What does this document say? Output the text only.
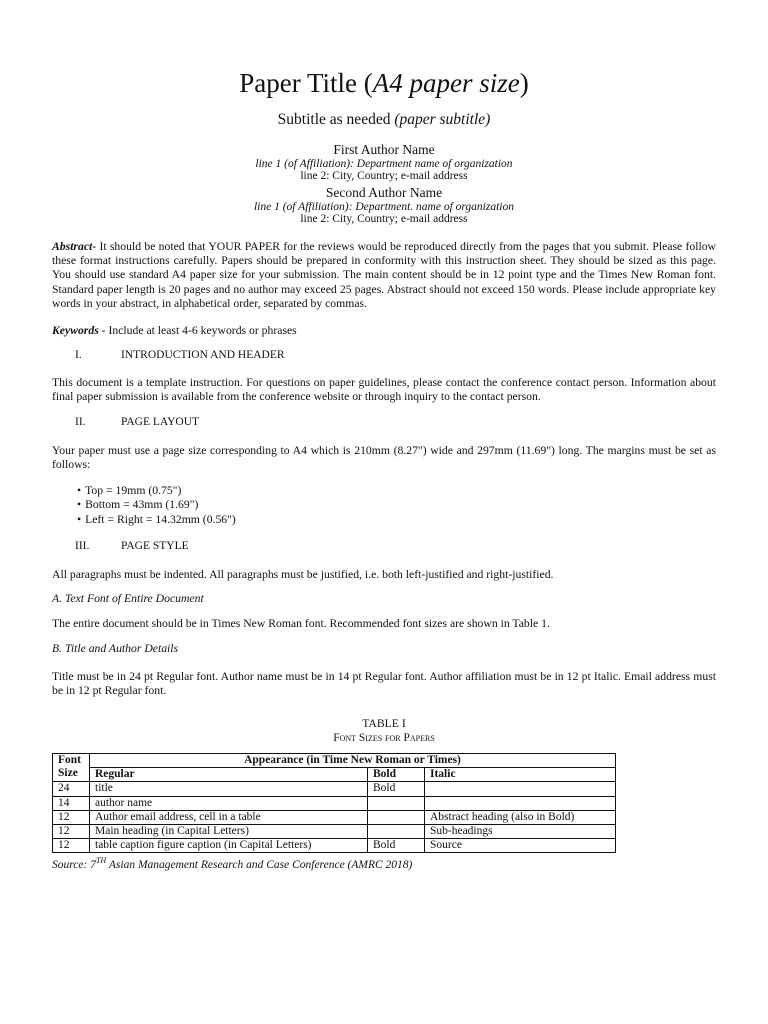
Paper Title (A4 paper size)
Subtitle as needed (paper subtitle)
First Author Name
line 1 (of Affiliation): Department name of organization
line 2: City, Country; e-mail address
Second Author Name
line 1 (of Affiliation): Department. name of organization
line 2: City, Country; e-mail address
Abstract- It should be noted that YOUR PAPER for the reviews would be reproduced directly from the pages that you submit. Please follow these format instructions carefully. Papers should be prepared in conformity with this instruction sheet. They should be sized as this page. You should use standard A4 paper size for your submission. The main content should be in 12 point type and the Times New Roman font. Standard paper length is 20 pages and no author may exceed 25 pages. Abstract should not exceed 150 words. Please include appropriate key words in your abstract, in alphabetical order, separated by commas.
Keywords - Include at least 4-6 keywords or phrases
I.	INTRODUCTION AND HEADER
This document is a template instruction. For questions on paper guidelines, please contact the conference contact person. Information about final paper submission is available from the conference website or through inquiry to the contact person.
II.	PAGE LAYOUT
Your paper must use a page size corresponding to A4 which is 210mm (8.27") wide and 297mm (11.69") long. The margins must be set as follows:
• Top = 19mm (0.75")
• Bottom = 43mm (1.69")
• Left = Right = 14.32mm (0.56")
III.	PAGE STYLE
All paragraphs must be indented. All paragraphs must be justified, i.e. both left-justified and right-justified.
A. Text Font of Entire Document
The entire document should be in Times New Roman font. Recommended font sizes are shown in Table 1.
B. Title and Author Details
Title must be in 24 pt Regular font. Author name must be in 14 pt Regular font. Author affiliation must be in 12 pt Italic. Email address must be in 12 pt Regular font.
TABLE I
Font Sizes for Papers
Font
Size	Appearance (in Time New Roman or Times)		
	Regular	Bold	Italic
24	title	Bold	
14	author name		
12	Author email address, cell in a table		Abstract heading (also in Bold)
12	Main heading (in Capital Letters)		Sub-headings
12	table caption figure caption (in Capital Letters)	Bold	Source
Source: 7TH Asian Management Research and Case Conference (AMRC 2018)
